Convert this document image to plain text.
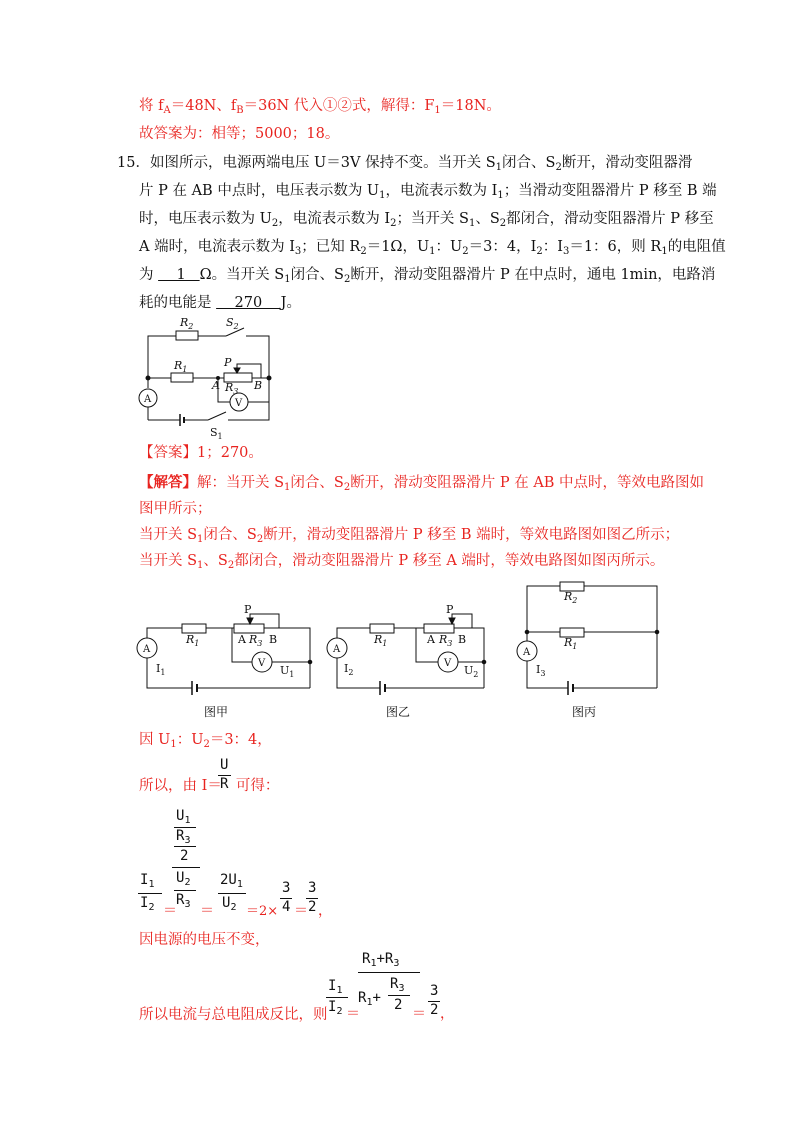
将 $f_A=48N$、$f_B=36N$ 代入①②式，解得：$F_1=18N$。
故答案为：相等；5000；18。
15．如图所示，电源两端电压 U＝3V 保持不变。当开关 $S_1$闭合、$S_2$断开，滑动变阻器滑
片 P 在 AB 中点时，电压表示数为 $U_1$，电流表示数为 $I_1$；当滑动变阻器滑片 P 移至 B 端
时，电压表示数为 $U_2$，电流表示数为 $I_2$；当开关 $S_1$、$S_2$都闭合，滑动变阻器滑片 P 移至
A 端时，电流表示数为 $I_3$；已知 $R_2=1\Omega$，$U_1$：$U_2=3$：4，$I_2$：$I_3=1$：6，则 $R_1$的电阻值
为     1   Ω。当开关 $S_1$闭合、$S_2$断开，滑动变阻器滑片 P 在中点时，通电 1min，电路消
耗的电能是     270    J。
$R_2$	$S_2$
$R_1$
P
A $R_3$ B
A	V
$S_1$
【答案】1；270。
【解答】解：当开关 $S_1$闭合、$S_2$断开，滑动变阻器滑片 P 在 AB 中点时，等效电路图如
图甲所示；
当开关 $S_1$闭合、$S_2$断开，滑动变阻器滑片 P 移至 B 端时，等效电路图如图乙所示；
当开关 $S_1$、$S_2$都闭合，滑动变阻器滑片 P 移至 A 端时，等效电路图如图丙所示。
$R_1$
P
A $R_3$ B
A
V
$I_1$	$U_1$
图甲
$R_1$
P
A $R_3$ B
A
V
$I_2$	$U_2$
图乙
$R_2$
$R_1$
A
$I_3$
图丙
因 $U_1$：$U_2=3$：4，
所以，由 I＝ 可得：
U
R
$U_1$
$R_3$
2
$I_1$
$I_2$ ＝
$U_2$
$R_3$ ＝
$2U_1$
$U_2 =2\times$
3
4 ＝
3
2 ，
因电源的电压不变，
所以电流与总电阻成反比，则
$I_1$
$I_2$ ＝
$R_1+R_3$
$R_3$
$R_1+ 2$
＝
3
2 ，
